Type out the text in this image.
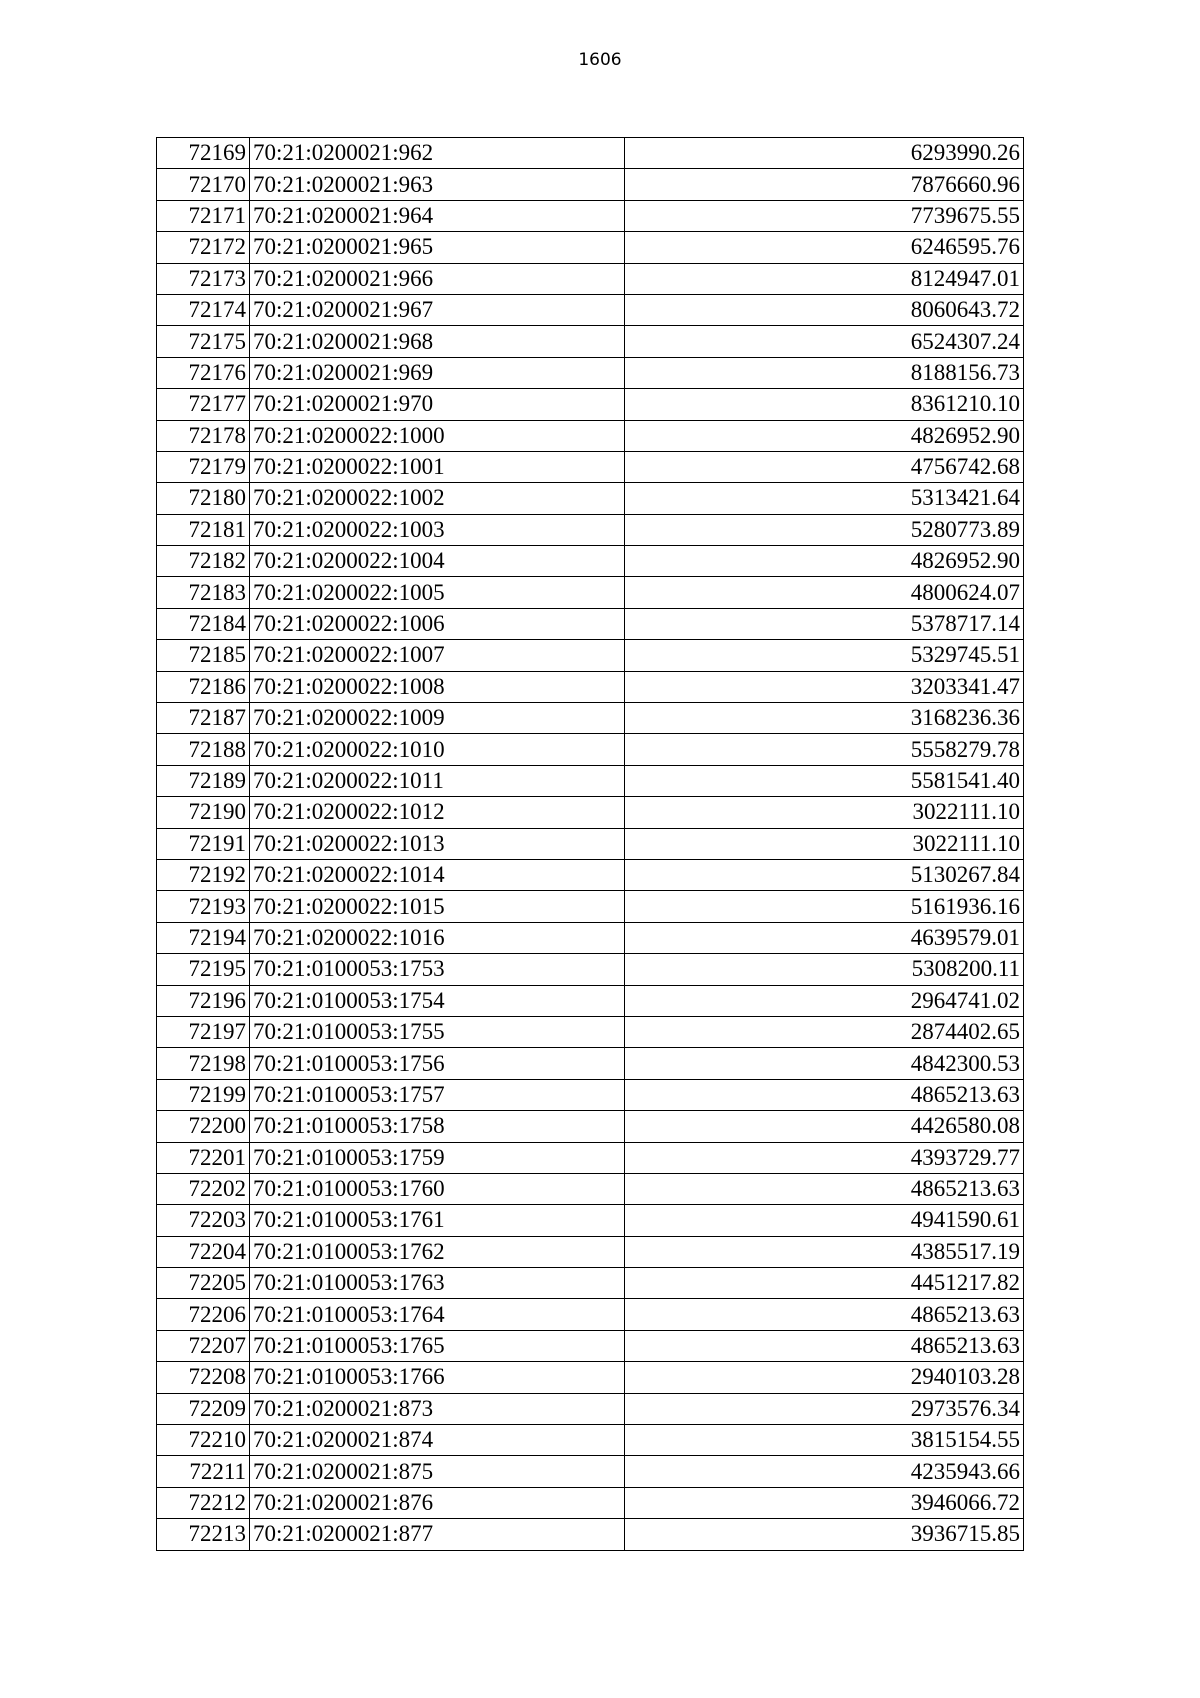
1606
72169	70:21:0200021:962	6293990.26
72170	70:21:0200021:963	7876660.96
72171	70:21:0200021:964	7739675.55
72172	70:21:0200021:965	6246595.76
72173	70:21:0200021:966	8124947.01
72174	70:21:0200021:967	8060643.72
72175	70:21:0200021:968	6524307.24
72176	70:21:0200021:969	8188156.73
72177	70:21:0200021:970	8361210.10
72178	70:21:0200022:1000	4826952.90
72179	70:21:0200022:1001	4756742.68
72180	70:21:0200022:1002	5313421.64
72181	70:21:0200022:1003	5280773.89
72182	70:21:0200022:1004	4826952.90
72183	70:21:0200022:1005	4800624.07
72184	70:21:0200022:1006	5378717.14
72185	70:21:0200022:1007	5329745.51
72186	70:21:0200022:1008	3203341.47
72187	70:21:0200022:1009	3168236.36
72188	70:21:0200022:1010	5558279.78
72189	70:21:0200022:1011	5581541.40
72190	70:21:0200022:1012	3022111.10
72191	70:21:0200022:1013	3022111.10
72192	70:21:0200022:1014	5130267.84
72193	70:21:0200022:1015	5161936.16
72194	70:21:0200022:1016	4639579.01
72195	70:21:0100053:1753	5308200.11
72196	70:21:0100053:1754	2964741.02
72197	70:21:0100053:1755	2874402.65
72198	70:21:0100053:1756	4842300.53
72199	70:21:0100053:1757	4865213.63
72200	70:21:0100053:1758	4426580.08
72201	70:21:0100053:1759	4393729.77
72202	70:21:0100053:1760	4865213.63
72203	70:21:0100053:1761	4941590.61
72204	70:21:0100053:1762	4385517.19
72205	70:21:0100053:1763	4451217.82
72206	70:21:0100053:1764	4865213.63
72207	70:21:0100053:1765	4865213.63
72208	70:21:0100053:1766	2940103.28
72209	70:21:0200021:873	2973576.34
72210	70:21:0200021:874	3815154.55
72211	70:21:0200021:875	4235943.66
72212	70:21:0200021:876	3946066.72
72213	70:21:0200021:877	3936715.85
